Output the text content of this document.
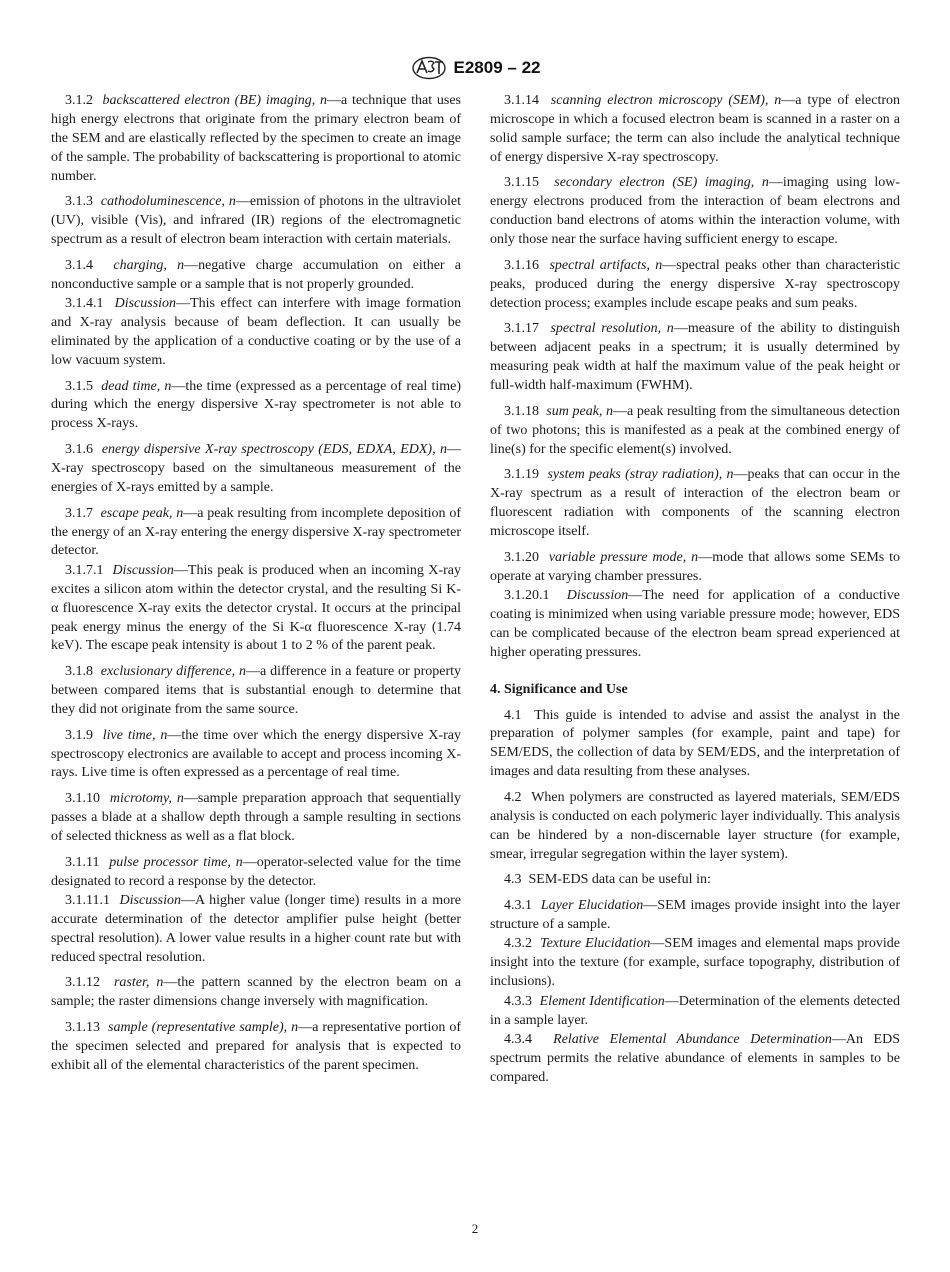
E2809 – 22

3.1.2 backscattered electron (BE) imaging, n—a technique that uses high energy electrons that originate from the primary electron beam of the SEM and are elastically reflected by the specimen to create an image of the sample. The probability of backscattering is proportional to atomic number.

3.1.3 cathodoluminescence, n—emission of photons in the ultraviolet (UV), visible (Vis), and infrared (IR) regions of the electromagnetic spectrum as a result of electron beam interaction with certain materials.

3.1.4 charging, n—negative charge accumulation on either a nonconductive sample or a sample that is not properly grounded.

3.1.4.1 Discussion—This effect can interfere with image formation and X-ray analysis because of beam deflection. It can usually be eliminated by the application of a conductive coating or by the use of a low vacuum system.

3.1.5 dead time, n—the time (expressed as a percentage of real time) during which the energy dispersive X-ray spectrometer is not able to process X-rays.

3.1.6 energy dispersive X-ray spectroscopy (EDS, EDXA, EDX), n—X-ray spectroscopy based on the simultaneous measurement of the energies of X-rays emitted by a sample.

3.1.7 escape peak, n—a peak resulting from incomplete deposition of the energy of an X-ray entering the energy dispersive X-ray spectrometer detector.

3.1.7.1 Discussion—This peak is produced when an incoming X-ray excites a silicon atom within the detector crystal, and the resulting Si K-α fluorescence X-ray exits the detector crystal. It occurs at the principal peak energy minus the energy of the Si K-α fluorescence X-ray (1.74 keV). The escape peak intensity is about 1 to 2 % of the parent peak.

3.1.8 exclusionary difference, n—a difference in a feature or property between compared items that is substantial enough to determine that they did not originate from the same source.

3.1.9 live time, n—the time over which the energy dispersive X-ray spectroscopy electronics are available to accept and process incoming X-rays. Live time is often expressed as a percentage of real time.

3.1.10 microtomy, n—sample preparation approach that sequentially passes a blade at a shallow depth through a sample resulting in sections of selected thickness as well as a flat block.

3.1.11 pulse processor time, n—operator-selected value for the time designated to record a response by the detector.

3.1.11.1 Discussion—A higher value (longer time) results in a more accurate determination of the detector amplifier pulse height (better spectral resolution). A lower value results in a higher count rate but with reduced spectral resolution.

3.1.12 raster, n—the pattern scanned by the electron beam on a sample; the raster dimensions change inversely with magnification.

3.1.13 sample (representative sample), n—a representative portion of the specimen selected and prepared for analysis that is expected to exhibit all of the elemental characteristics of the parent specimen.

3.1.14 scanning electron microscopy (SEM), n—a type of electron microscope in which a focused electron beam is scanned in a raster on a solid sample surface; the term can also include the analytical technique of energy dispersive X-ray spectroscopy.

3.1.15 secondary electron (SE) imaging, n—imaging using low-energy electrons produced from the interaction of beam electrons and conduction band electrons of atoms within the interaction volume, with only those near the surface having sufficient energy to escape.

3.1.16 spectral artifacts, n—spectral peaks other than characteristic peaks, produced during the energy dispersive X-ray spectroscopy detection process; examples include escape peaks and sum peaks.

3.1.17 spectral resolution, n—measure of the ability to distinguish between adjacent peaks in a spectrum; it is usually determined by measuring peak width at half the maximum value of the peak height or full-width half-maximum (FWHM).

3.1.18 sum peak, n—a peak resulting from the simultaneous detection of two photons; this is manifested as a peak at the combined energy of line(s) for the specific element(s) involved.

3.1.19 system peaks (stray radiation), n—peaks that can occur in the X-ray spectrum as a result of interaction of the electron beam or fluorescent radiation with components of the scanning electron microscope itself.

3.1.20 variable pressure mode, n—mode that allows some SEMs to operate at varying chamber pressures.

3.1.20.1 Discussion—The need for application of a conductive coating is minimized when using variable pressure mode; however, EDS can be complicated because of the electron beam spread experienced at higher operating pressures.

4. Significance and Use

4.1 This guide is intended to advise and assist the analyst in the preparation of polymer samples (for example, paint and tape) for SEM/EDS, the collection of data by SEM/EDS, and the interpretation of images and data resulting from these analyses.

4.2 When polymers are constructed as layered materials, SEM/EDS analysis is conducted on each polymeric layer individually. This analysis can be hindered by a non-discernable layer structure (for example, smear, irregular segregation within the layer system).

4.3 SEM-EDS data can be useful in:

4.3.1 Layer Elucidation—SEM images provide insight into the layer structure of a sample.

4.3.2 Texture Elucidation—SEM images and elemental maps provide insight into the texture (for example, surface topography, distribution of inclusions).

4.3.3 Element Identification—Determination of the elements detected in a sample layer.

4.3.4 Relative Elemental Abundance Determination—An EDS spectrum permits the relative abundance of elements in samples to be compared.

2
